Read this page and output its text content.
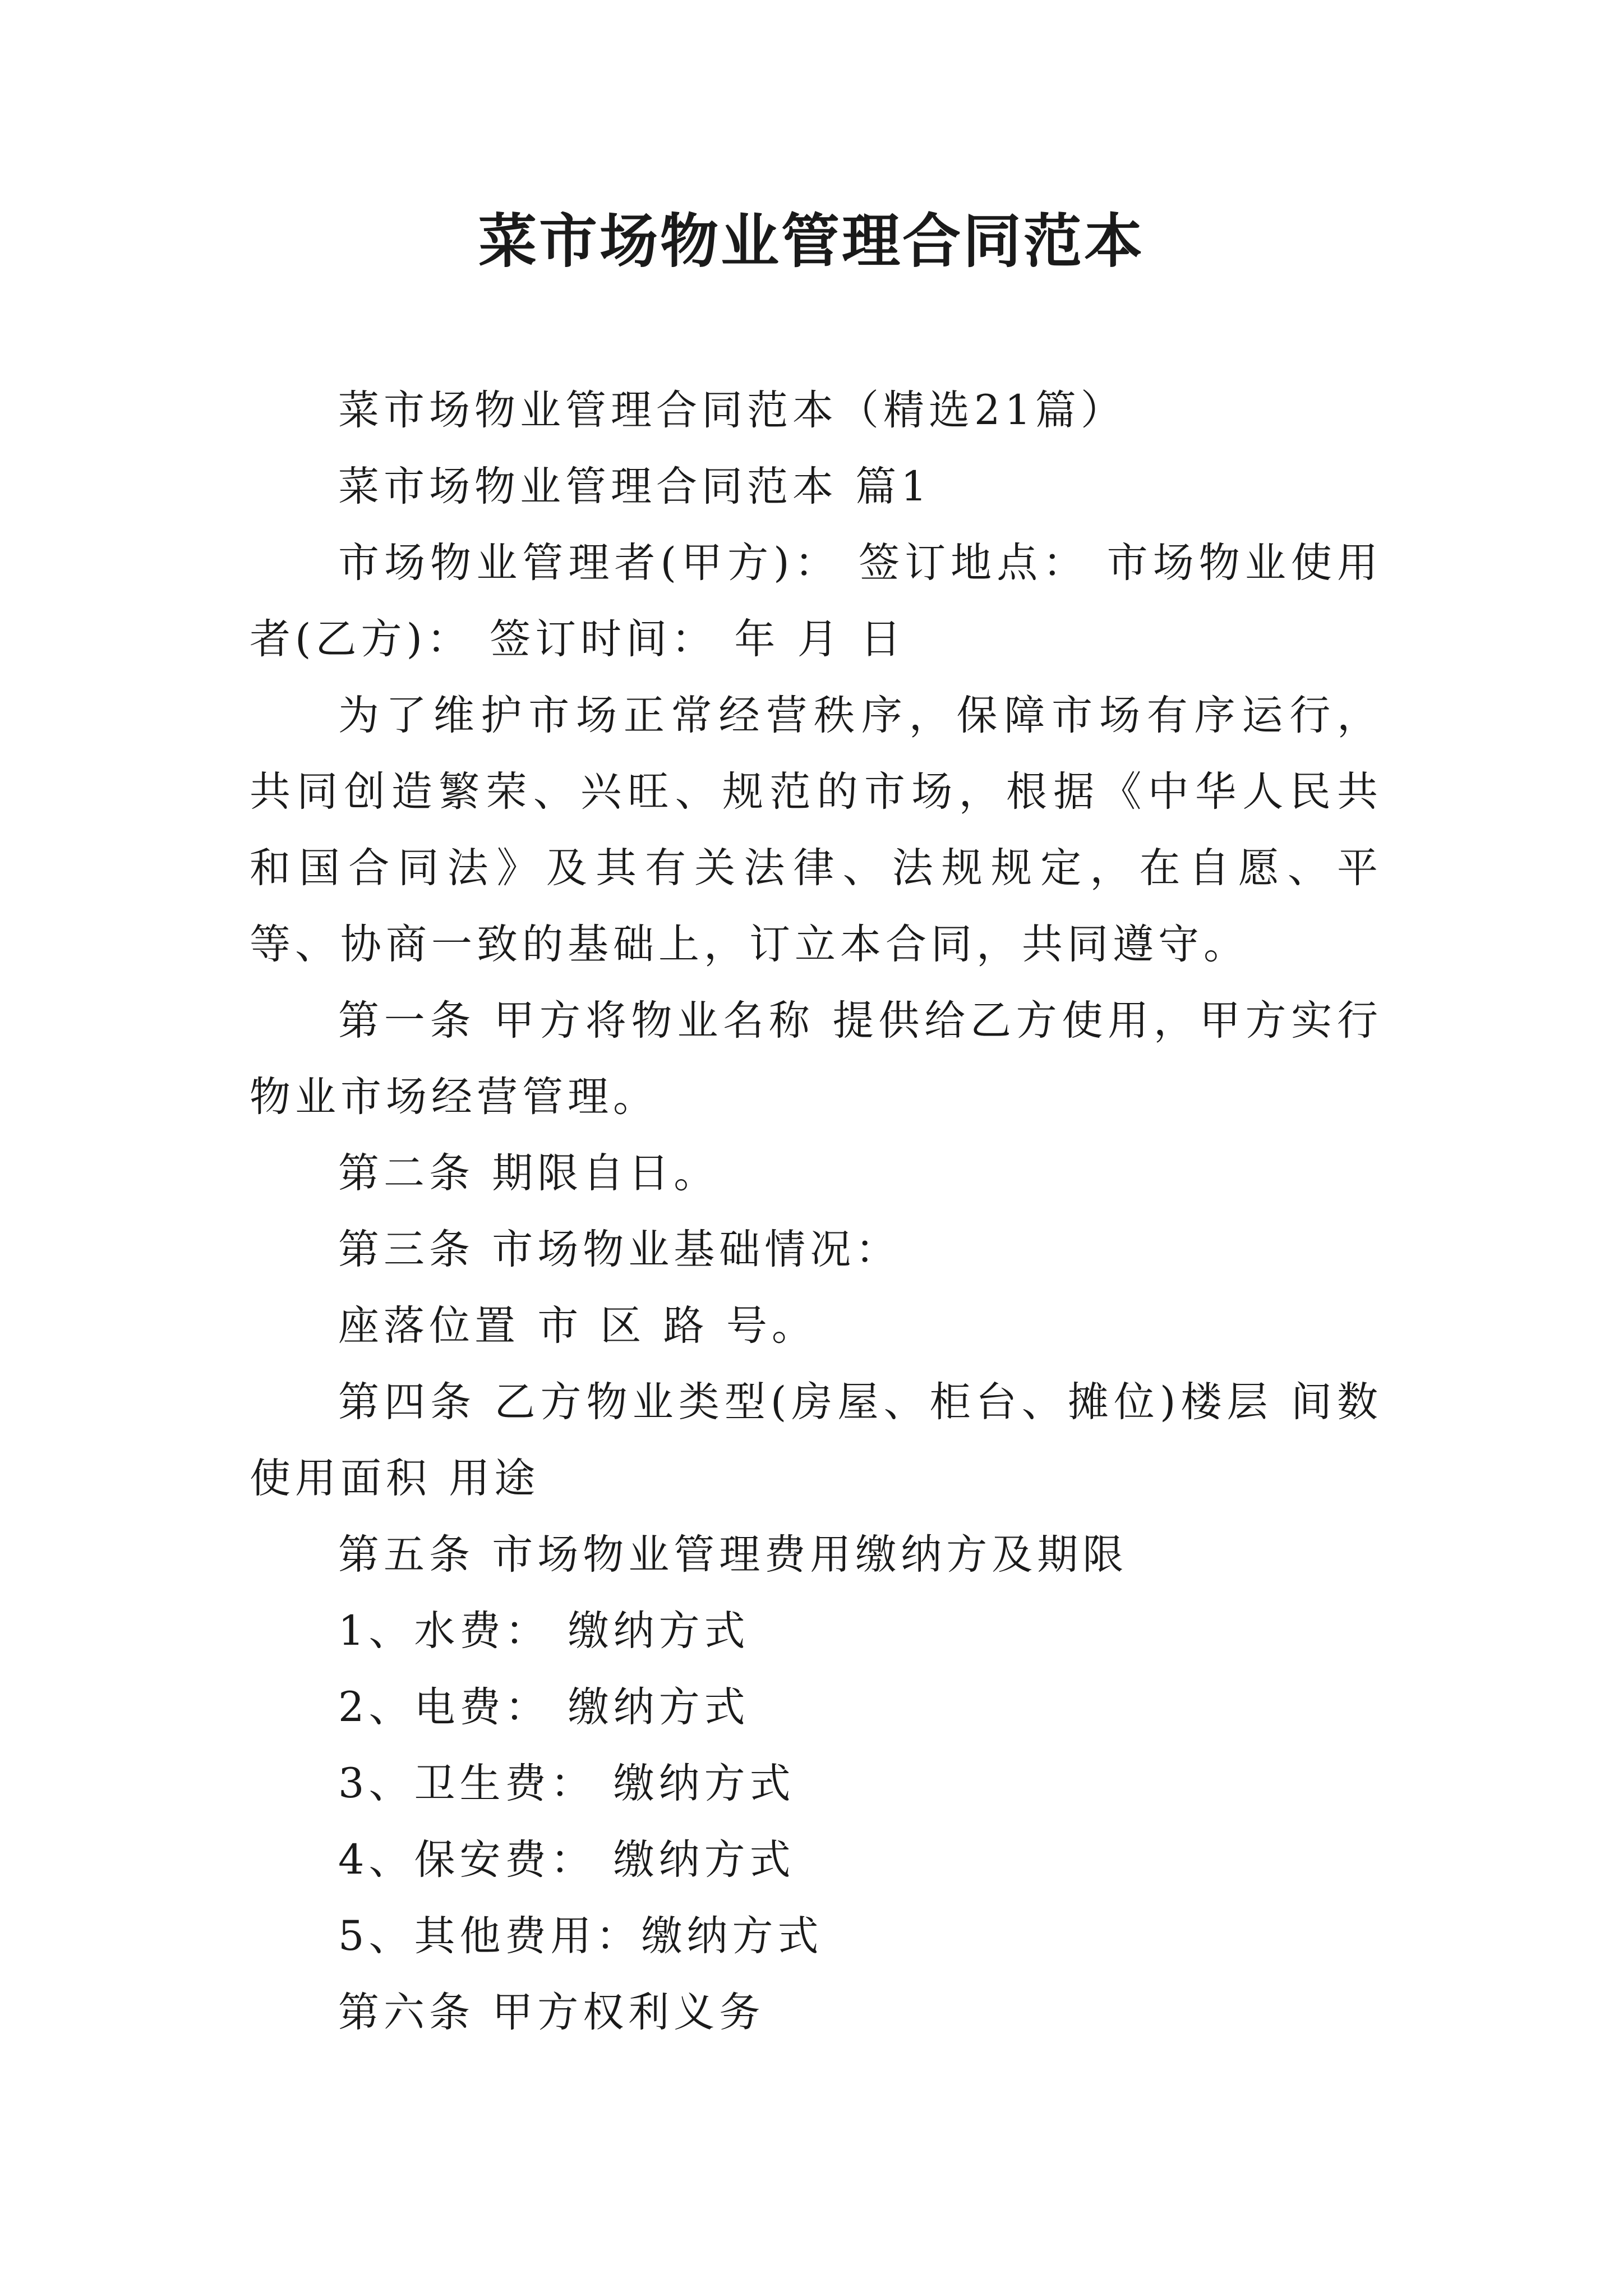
菜市场物业管理合同范本

菜市场物业管理合同范本（精选21篇）

菜市场物业管理合同范本 篇1

市场物业管理者(甲方)： 签订地点： 市场物业使用者(乙方)： 签订时间： 年 月 日

为了维护市场正常经营秩序，保障市场有序运行，共同创造繁荣、兴旺、规范的市场，根据《中华人民共和国合同法》及其有关法律、法规规定，在自愿、平等、协商一致的基础上，订立本合同，共同遵守。

第一条 甲方将物业名称 提供给乙方使用，甲方实行物业市场经营管理。

第二条 期限自日。

第三条 市场物业基础情况：

座落位置 市 区 路 号。

第四条 乙方物业类型(房屋、柜台、摊位)楼层 间数 使用面积 用途

第五条 市场物业管理费用缴纳方及期限

1、水费： 缴纳方式

2、电费： 缴纳方式

3、卫生费： 缴纳方式

4、保安费： 缴纳方式

5、其他费用：缴纳方式

第六条 甲方权利义务
